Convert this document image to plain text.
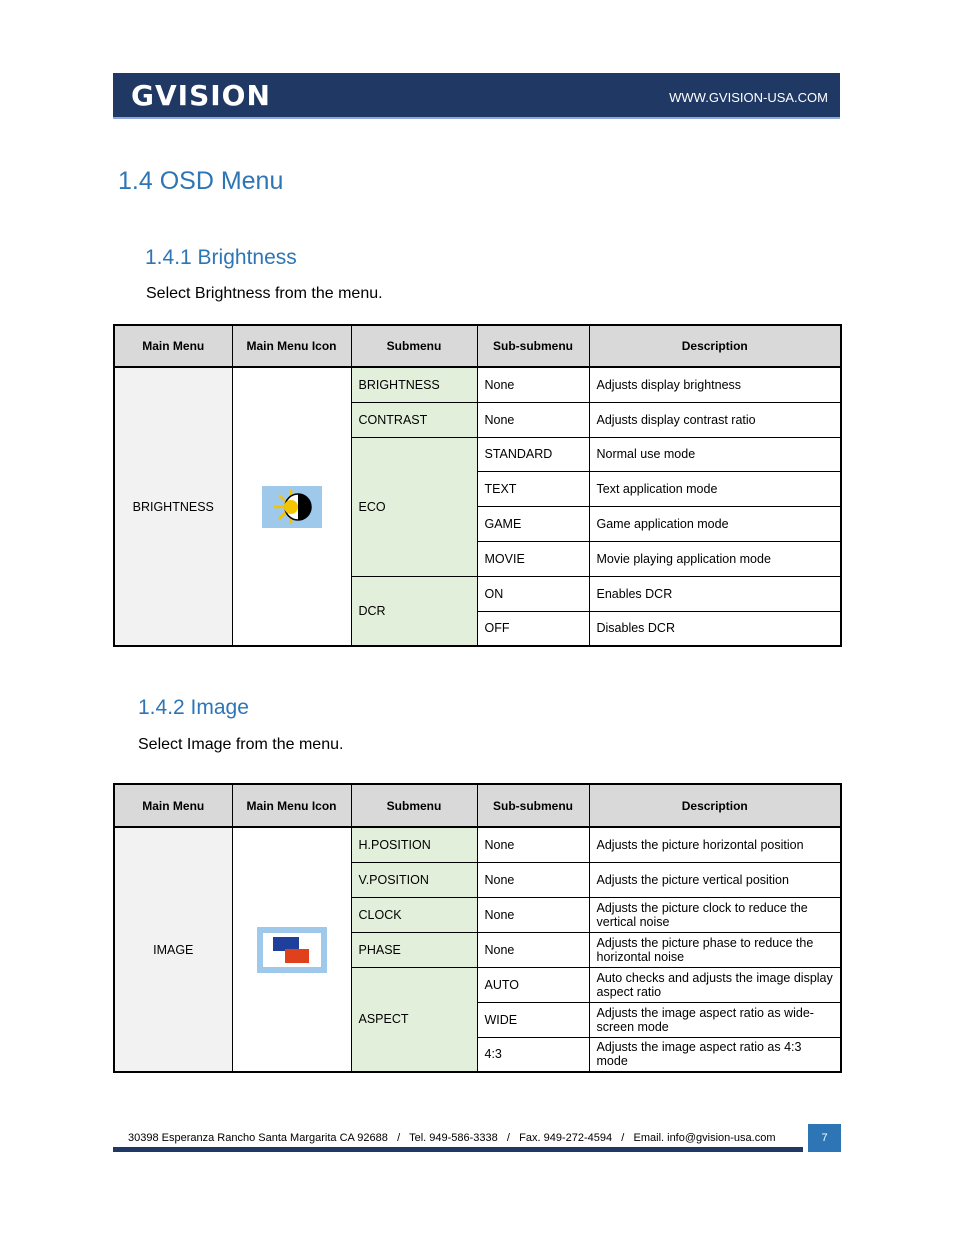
GVISION	WWW.GVISION-USA.COM
1.4 OSD Menu
1.4.1 Brightness

Select Brightness from the menu.

Main Menu	Main Menu Icon	Submenu	Sub-submenu	Description
BRIGHTNESS		BRIGHTNESS	None	Adjusts display brightness
		CONTRAST	None	Adjusts display contrast ratio
		ECO	STANDARD	Normal use mode
			TEXT	Text application mode
			GAME	Game application mode
			MOVIE	Movie playing application mode
		DCR	ON	Enables DCR
			OFF	Disables DCR
1.4.2 Image

Select Image from the menu.

Main Menu	Main Menu Icon	Submenu	Sub-submenu	Description
IMAGE		H.POSITION	None	Adjusts the picture horizontal position
		V.POSITION	None	Adjusts the picture vertical position
		CLOCK	None	Adjusts the picture clock to reduce the vertical noise
		PHASE	None	Adjusts the picture phase to reduce the horizontal noise
		ASPECT	AUTO	Auto checks and adjusts the image display aspect ratio
			WIDE	Adjusts the image aspect ratio as wide-screen mode
			4:3	Adjusts the image aspect ratio as 4:3 mode
30398 Esperanza Rancho Santa Margarita CA 92688   /   Tel. 949-586-3338   /   Fax. 949-272-4594   /   Email. info@gvision-usa.com	7
